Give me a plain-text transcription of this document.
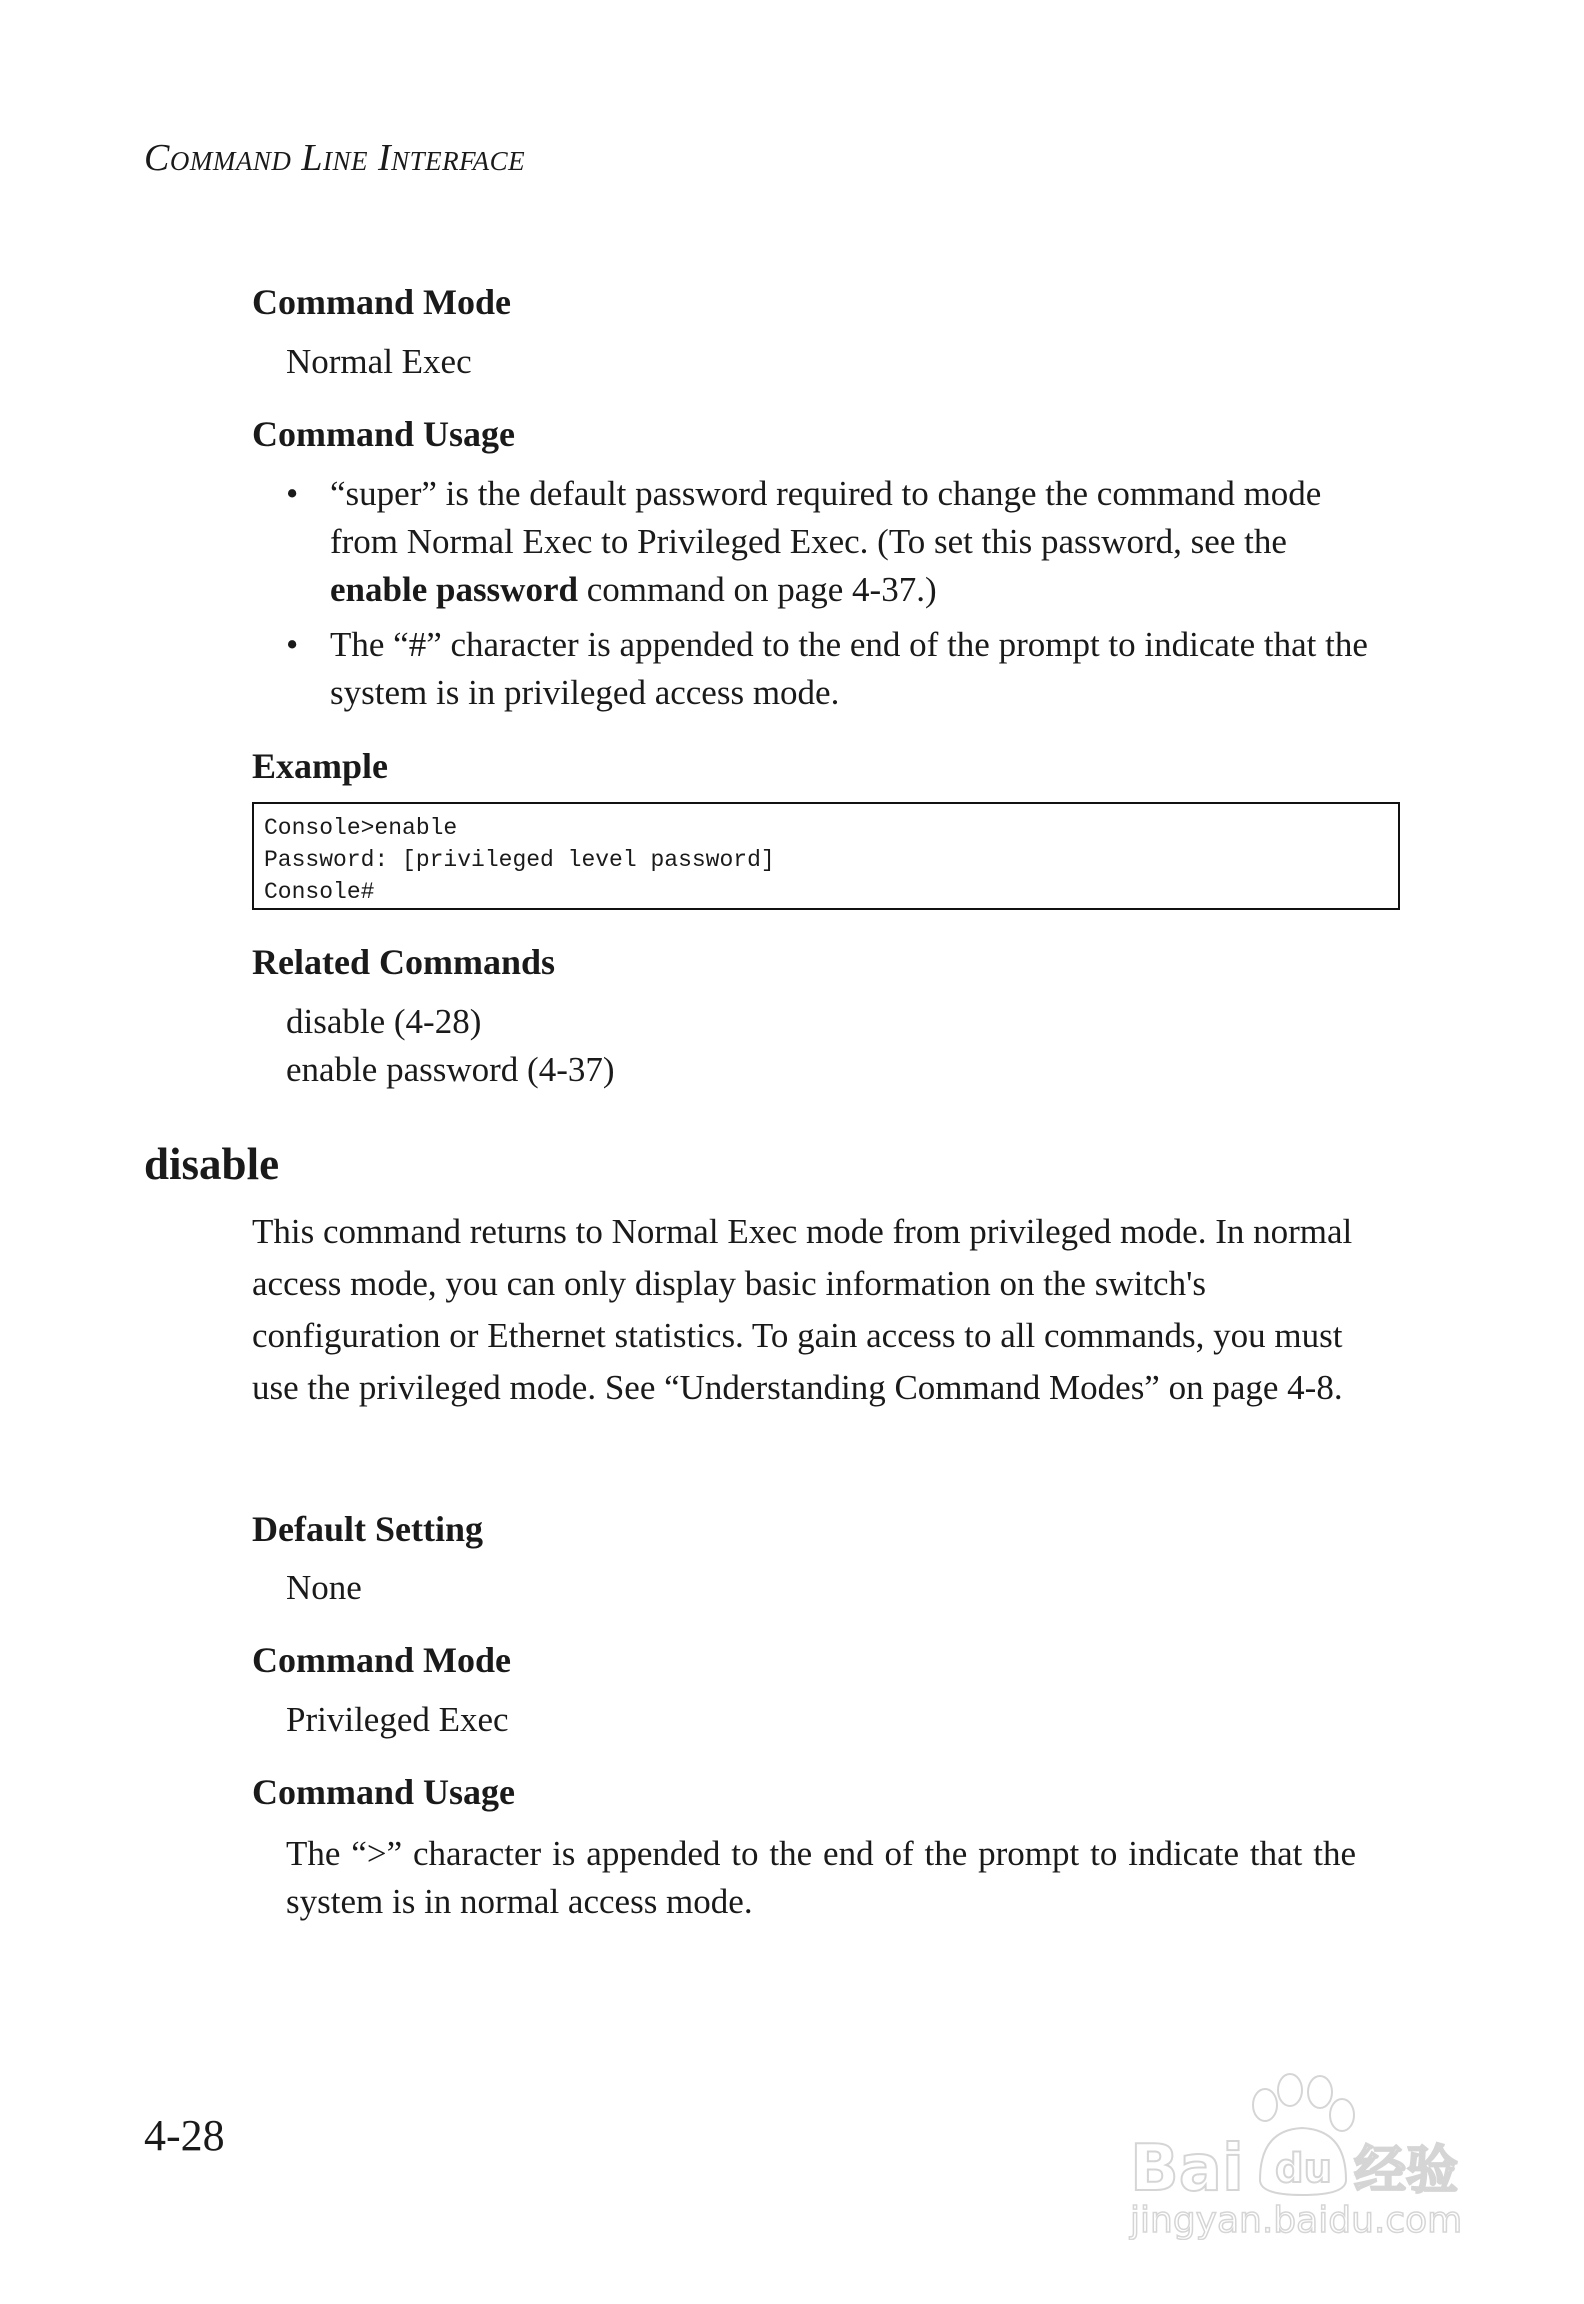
Command Line Interface
Command Mode
Normal Exec
Command Usage
• “super” is the default password required to change the command mode from Normal Exec to Privileged Exec. (To set this password, see the enable password command on page 4-37.)
• The “#” character is appended to the end of the prompt to indicate that the system is in privileged access mode.
Example
Console>enable
Password: [privileged level password]
Console#
Related Commands
disable (4-28)
enable password (4-37)
disable
This command returns to Normal Exec mode from privileged mode. In normal access mode, you can only display basic information on the switch's configuration or Ethernet statistics. To gain access to all commands, you must use the privileged mode. See “Understanding Command Modes” on page 4-8.
Default Setting
None
Command Mode
Privileged Exec
Command Usage
The “>” character is appended to the end of the prompt to indicate that the system is in normal access mode.
4-28	Bai du 经验
jingyan.baidu.com
